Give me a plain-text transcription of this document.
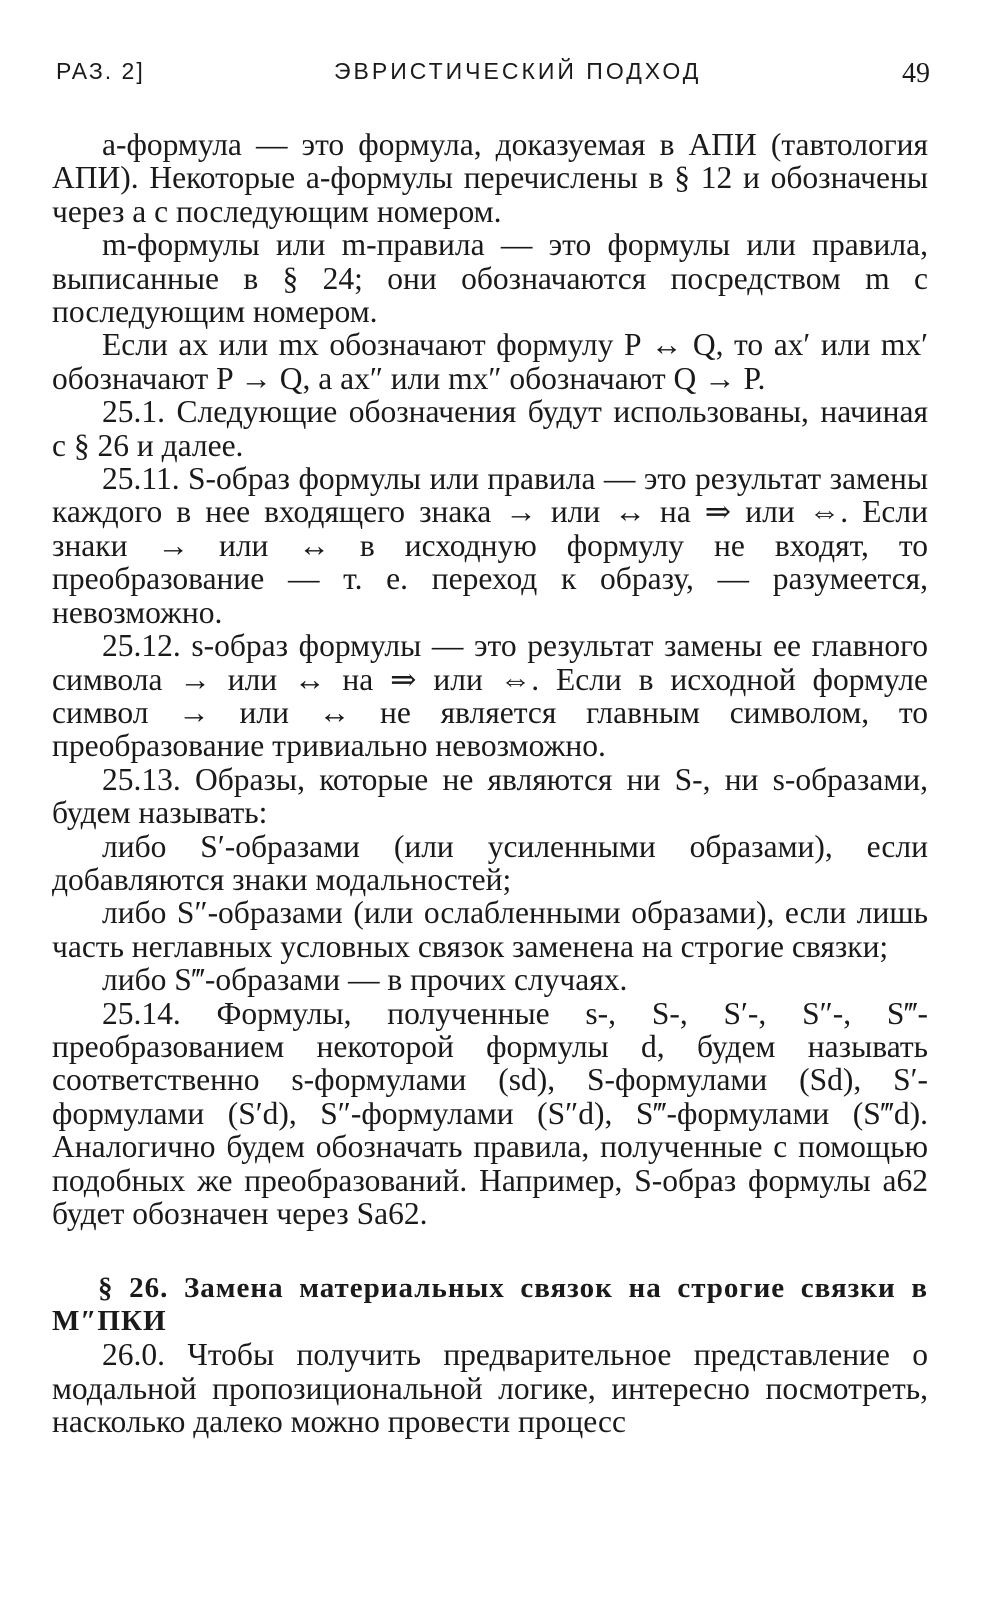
РАЗ. 2]	ЭВРИСТИЧЕСКИЙ ПОДХОД	49

a-формула — это формула, доказуемая в АПИ (тавтология АПИ). Некоторые a-формулы перечислены в § 12 и обозначены через a с последующим номером.

m-формулы или m-правила — это формулы или правила, выписанные в § 24; они обозначаются посредством m с последующим номером.

Если ax или mx обозначают формулу P ↔ Q, то ax′ или mx′ обозначают P → Q, а ax″ или mx″ обозначают Q → P.

25.1. Следующие обозначения будут использованы, начиная с § 26 и далее.

25.11. S-образ формулы или правила — это результат замены каждого в нее входящего знака → или ↔ на ⇒ или ⇔. Если знаки → или ↔ в исходную формулу не входят, то преобразование — т. е. переход к образу, — разумеется, невозможно.

25.12. s-образ формулы — это результат замены ее главного символа → или ↔ на ⇒ или ⇔. Если в исходной формуле символ → или ↔ не является главным символом, то преобразование тривиально невозможно.

25.13. Образы, которые не являются ни S-, ни s-образами, будем называть:

либо S′-образами (или усиленными образами), если добавляются знаки модальностей;

либо S″-образами (или ослабленными образами), если лишь часть неглавных условных связок заменена на строгие связки;

либо S‴-образами — в прочих случаях.

25.14. Формулы, полученные s-, S-, S′-, S″-, S‴-преобразованием некоторой формулы d, будем называть соответственно s-формулами (sd), S-формулами (Sd), S′-формулами (S′d), S″-формулами (S″d), S‴-формулами (S‴d). Аналогично будем обозначать правила, полученные с помощью подобных же преобразований. Например, S-образ формулы a62 будет обозначен через Sa62.

§ 26. Замена материальных связок на строгие связки в M″ПКИ

26.0. Чтобы получить предварительное представление о модальной пропозициональной логике, интересно посмотреть, насколько далеко можно провести процесс
